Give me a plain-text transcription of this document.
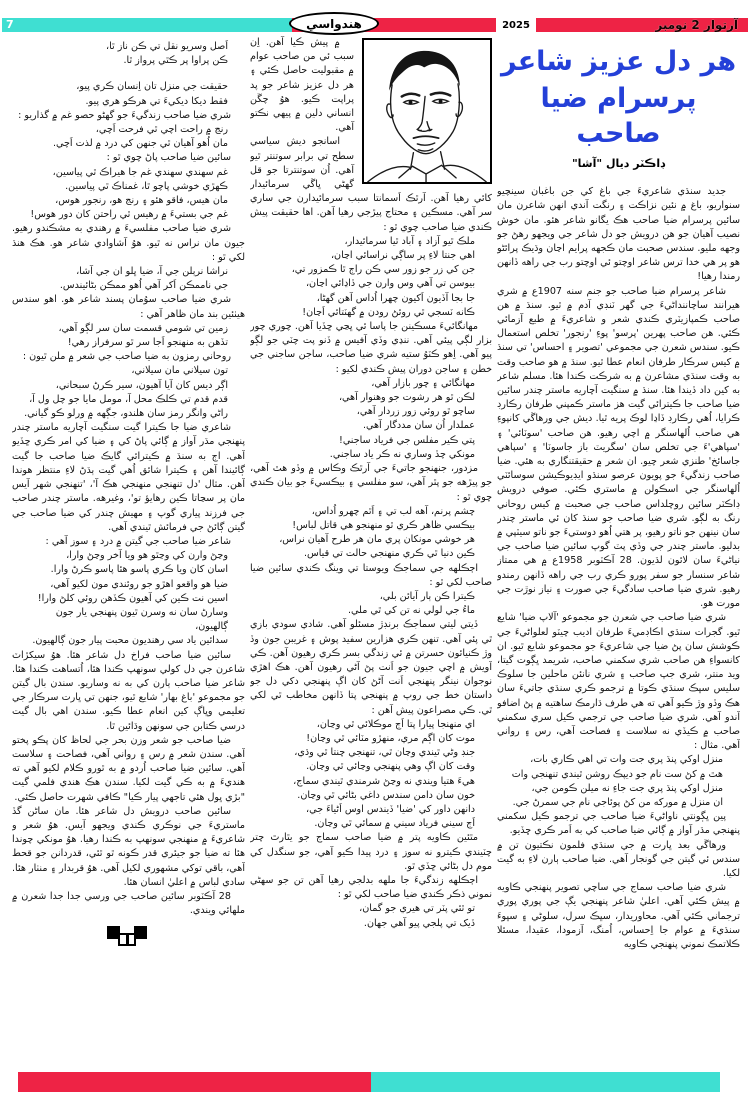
7	هندواسي	2025	آرتوار 2 نومبر
هر دل عزيز شاعر
پرسرام ضيا صاحب
ڊاڪٽر ديال "آشا"
جديد سنڌي شاعريءَ جي باغ کي جن باغبان سينچيو سنواريو، باغ ۾ نئين نزاڪت ۽ رنگت آندي انهن شاعرن مان سائين پرسرام ضيا صاحب هڪ يگانو شاعر هئو. مان خوش نصيب آهيان جو هن درويش جو دل شاعر جي ويجهو رهڻ جو وجهه مليو. سندس صحبت مان ڪجهه پرايم اڃان وڌيڪ پرائڻو هو پر هي خدا ترس شاعر اوچتو ئي اوچتو رب جي راهه ڏانهن رمندا رهيا!
شاعر پرسرام ضيا صاحب جو جنم سنه 1907ع ۾ شري هيرانند ساچاننداڻيءَ جي گهر ٽنڊي آدم ۾ ٿيو. سنڌ ۾ هن صاحب ڪمپازيٽري ڪندي شعر و شاعريءَ ۾ طبع آزمائي ڪئي. هن صاحب پهرين 'پرسو' پوءِ 'رنجور' تخلص استعمال ڪيو. سندس شعرن جي مجموعي 'تصوير ۽ احساس' تي سنڌ ۾ کيس سرڪار طرفان انعام عطا ٿيو. سنڌ ۾ هو صاحب وقت به وقت سنڌي مشاعرن ۾ به شرڪت ڪندا هئا. مسلم شاعر به کين داد ڏيندا هئا. سنڌ ۾ سنگيت آچاريه ماستر چندر سائين ضيا صاحب جا ڪيترائي گيت هز ماستر ڪمپني طرفان رڪارڊ ڪرايا، اُهي رڪارڊ ڏاڍا لوڪ پريه ٿيا. ديش جي ورهاڱي کانپوءِ هي صاحب اُلهاسنگر ۾ اچي رهيو. هن صاحب 'سوٽائي' ۽ 'سپاهي'ءَ جي تخلص سان 'سگريٽ باز جاسوٽا' ۽ 'سپاهي جاسائخ' طنزي شعر چيو. ان شعر ۾ حقيقتنگاري به هئي. ضيا صاحب زندگيءَ جو پويون عرصو سنڌو ايڊيوڪيشن سوسائٽي اُلهاسنگر جي اسڪولن ۾ ماستري ڪئي. صوفي درويش ڊاڪٽر سائين روچلداس صاحب جي صحبت ۾ کيس روحاني رنگ به لڳو. شري ضيا صاحب جو سنڌ کان ئي ماستر چندر سان نينهن جو ناتو رهيو، پر هتي اُهو دوستيءَ جو ناتو سيٽپي ۾ بدليو. ماستر چندر جي وڏي پٽ گوپ سائين ضيا صاحب جي نياڻيءَ سان لائون لڌيون. 28 آڪٽوبر 1958ع ۾ هي ممتاز شاعر سنسار جو سفر پورو ڪري رب جي راهه ڏانهن رمندو رهيو. شري ضيا صاحب سادگيءَ جي صورت ۽ نياز نوڙت جي مورت هو.
شري ضيا صاحب جي شعرن جو مجموعو 'آلاپ ضيا' شايع ٿيو. گجرات سنڌي اڪاڊميءَ طرفان اديب چيٽو لعلواڻيءَ جي ڪوشش سان پڻ ضيا جي شاعريءَ جو مجموعو شايع ٿيو. ان کانسواءِ هن صاحب شري سکمني صاحب، شريمد ڀڳوت گيتا، ويد منتر، شري جپ صاحب ۽ شري نانئن ماحلين جا سلوڪ سليس سڀڪ سنڌي ڪوتا ۾ ترجمو ڪري سنڌي جاتيءَ سان هڪ وڏو وڙ ڪيو آهي ته هي طرف ڌارمڪ ساهتيه ۾ پڻ اضافو آندو آهي. شري ضيا صاحب جي ترجمي ڪيل سري سکمني صاحب ۾ ڪيڏي نه سلاست ۽ فصاحت آهي، رس ۽ رواني آهي. مثال :
منزل اوکي پنڌ پري جت وات تي اهي ڪاري بات،
هٿ ۾ کڻ ست نام جو ديپڪ روشن ٿيندي تنهنجي وات
منزل اوکي پنڌ پري جت جاءِ نه ميلن ڪومن جي،
ان منزل ۾ مورکه من کڻ پوئاجي نام جي سمرڻ جي.
پين ڀڳونتي ناواڻيءَ ضيا صاحب جي ترجمو ڪيل سکمني پنهنجي مڌر آواز ۾ ڳائي ضيا صاحب کي به اَمر ڪري ڇڏيو.
ورهاڱي بعد ڀارت ۾ جي سنڌي فلمون نڪتيون تن ۾ سندس ئي گيتن جي گونجار آهي. ضيا صاحب ٻارن لاءِ به گيت لکيا.
شري ضيا صاحب سماج جي ساچي تصوير پنهنجي ڪاويه ۾ پيش ڪئي آهي. اعليٰ شاعر پنهنجي يڳ جي پوري پوري ترجماني ڪئي آهي. محاوريدار، سڀڪ سرل، سلوڻي ۽ سڀوءَ سنڌيءَ ۾ عوام جا اِحساس، اُمنگ، آزمودا، عقيدا، مسئلا ڪلاتمڪ نموني پنهنجي ڪاويه
۾ پيش ڪيا آهن. اِن سبب ئي من صاحب عوام ۾ مقبوليت حاصل ڪئي ۽ هر دل عزيز شاعر جو پد پراپت ڪيو. هوُ چڱن انساني دلين ۾ پيهي نڪتو آهي.
اسانجو ديش سياسي سطح تي برابر سوتنتر ٿيو آهي. اُن سوتنترتا جو قل گهڻي ڀاڱي سرمائيدار کائي رهيا آهن. آرٿڪ اَسمانتا سبب سرمائيدارن جي ساري سر آهي. مسڪين ۽ محتاج پيڙجي رهيا آهن. اها حقيقت پيش ڪندي ضيا صاحب چوي ٿو :
ملڪ ٿيو آزاد ۽ آباد ٿيا سرمائيدار،
اهي جنتا لاءِ پر ساڳي نراسائي اڃان،
جن کي زر جو زور سي ڪن راڄ ٿا ڪمزور تي،
بيوسن تي آهي وس وارن جي ڏاڍائي اڃان،
جا بجا آڏيون اَکيون چهرا اُداس آهن گهڻا،
ڪانه ٽسجي ٿي روئڻ رودن ۾ گهٽتائي اَڃان!
مهانگائيءَ مسڪينن جا پاسا ئي ڀڃي ڇڏيا آهن. چوري چور بزار لڳي پيئي آهي. ننڍي وڏي آفيس ۾ ڏنو پت چٽي جو لڳو پيو آهي. اِهو ڪٽوُ ستيه شري ضيا صاحب، ساجن ساجني جي خطن ۽ ساجن دوران پيش ڪندي لکيو :
مهانگائي ۽ چور بازار آهي،
لڪن ٿو هر رشوت جو وهنوار آهي،
ساچو ٿو روئي زور زردار آهي،
عملدار اُن سان مددگار آهي.
پتي ڪير مفلس جي فرياد ساجني!
مونکي چڏ وساري نه ڪر ياد ساجني.
مزدور، جنهنجو جاتيءَ جي آرٿڪ وڪاس ۾ وڏو هٿ آهي، جو پيڙهه جو پٿر آهي، سو مفلسي ۽ بيڪسيءَ جو بيان ڪندي چوي ٿو :
چشم پرنم، آهه لب تي ۽ اَٿم چهرو اُداس،
بيڪسي ظاهر ڪري ٿو منهنجو هي قاتل لباس!
هر خوشي مونکان پري مان هر طرح آهيان نراس،
ڪين دنيا ٿي ڪري منهنجي حالت تي قياس.
اڄڪلهه جي سماجڪ ويوستا تي وينگ ڪندي سائين ضيا صاحب لکي ٿو :
ڪيترا ڪن ٻار آيائن بلي،
ماءُ جي لولي نه تن کي ٿي ملي.
ڏيتي ليتي سماجڪ برنڊڙ مسئلو آهي. شادي سودي بازي ٿي پئي آهي. تنهن ڪري هزارين سفيد پوش ۽ غريبن جون وڏ وڙ ڪنيائون حسرتن ۾ ئي زندگي بسر ڪري رهيون آهن. ڪي آويش ۾ اچي جيون جو اَنت پڻ آڻي رهيون آهن. هڪ اهڙي نوجوان نينگر پنهنجي اَنت آڻڻ کان اڳ پنهنجي دکي دل جو داستان خط جي روپ ۾ پنهنجي پتا ڏانهن مخاطب ٿي لکي ٿي. ڪي مصراعون پيش آهن :
اي منهنجا پيارا پتا اَڄ موڪلائي ٿي وڃان،
موت کان اڳم مري، منهڙو مٽائي ٿي وڃان!
جنڊ وڻي ٿيندي وڃان ٿي، تنهنجي چنتا ٿي وڌي،
وقت کان اڳ وهي پنهنجي وڃائي ٿي وڃان.
هيءَ هتيا ويندي نه وڃڻ شرمندي ٿيندي سماج،
خون سان دامن سندس داغي بڻائي ٿي وڃان.
دانهن داور کي 'ضيا' ڏيندس اوس اَڻياءَ جي،
اَڄ سيني فرياد سيني ۾ سمائي ٿي وڃان.
مٿئين ڪاويه پتر ۾ ضيا صاحب سماج جو يٿارٿ چتر چٽيندي ڪيترو نه سوز ۽ درد پيدا ڪيو آهي، جو سنگدل کي موم دل بڻائي ڇڏي ٿو.
اڄڪلهه زندگيءَ جا ملهه بدلجي رهيا آهن تن جو سهڻي نموني ذڪر ڪندي ضيا صاحب لکي ٿو :
تو ٿئي پٽر تي هيري جو گمان،
ڏيک تي پلجي پيو آهي جهان.
اَصل وسريو نقل تي ڪن ناز ٿا،
ڪن پراوا پر ڪٿي پرواز ٿا.
حقيقت جي منزل تان اِنسان ڪري پيو،
فقط ديکا ديکيءَ تي هرڪو هري پيو.
شري ضيا صاحب زندگيءَ جو گهڻو حصو غم ۾ گذاريو :
رنج ۾ راحت اچي ٿي فرحت اَچي،
مان اُهو آهيان ٿي جنهن کي درد ۾ لذت اَچي.
سائين ضيا صاحب پاڻ چوي ٿو :
غم سهندي سهندي غم جا هيراڪ ٿي پياسين،
ڪهڙي خوشي پاچو ٿا، غمناڪ ٿي پياسين.
مان هيس، فاقو هئو ۽ رنج هو، رنجور هوس،
غم جي بستيءَ ۾ رهيس ٿي راحتن کان دور هوس!
شري ضيا صاحب مفلسيءَ ۾ رهندي به مشڪندو رهيو. جيون مان نراس نه ٿيو. هوُ آشاوادي شاعر هو. هڪ هنڌ لکي ٿو :
نراشا نرٻلن جي آ، ضيا ڀلو ان جي آشا،
جي ناممڪن اَکر آهي اُهو ممڪن بڻائيندس.
شري ضيا صاحب سوُمان پسند شاعر هو. اهو سندس هيٺئين بند مان ظاهر آهي :
زمين تي شومي قسمت سان سر لڳو آهي،
تڏهن به منهنجو اَجا سر ٿو سرفراز رهي!
روحاني رمزون به ضيا صاحب جي شعر ۾ ملن ٿيون :
تون سيلاني مان سيلاني،
اڳر ديس کان آيا آهيون، سير ڪرڻ سبحاني،
قدم قدم تي ڪلڪ محل آ، مومل مايا جو چل ول آ،
راڻي وانگر رمز سان هلندو، جڳهه ۾ ورلو ڪو گياني.
شاعري ضيا جا ڪيترا گيت سنگيت آچاريه ماستر چندر پنهنجي مڌر آواز ۾ ڳائي پاڻ کي ۽ ضيا کي امر ڪري ڇڏيو آهي. اڄ به سنڌ ۾ ڪيترائي گايڪ ضيا صاحب جا گيت ڳائيندا آهن ۽ ڪيترا شائق اُهي گيت ٻڌڻ لاءِ منتظر هوندا آهن. مثال 'دل تنهنجي منهنجي هڪ آ'، 'تنهنجي شهر آيس مان پر سڃاتا ڪين رهايؤ تو'، وغيرهه. ماستر چندر صاحب جي فرزند پياري گوپ ۽ مهيش چندر کي ضيا صاحب جي گيتن ڳائڻ جي فرمائش ٿيندي آهي.
شاعر ضيا صاحب جي گيتن ۾ درد ۽ سوز آهي :
وڃڻ وارن کي وڃٿو هو ويا آخر وڃڻ وارا،
اسان کان ويا ڪري پاسو هئا پاسو ڪرڻ وارا.
ضيا هو واقعو اهڙو جو روئندي مون لکيو آهي،
اسين نت ڪين کي آهيون ڪڏهن روئي کلڻ وارا!
وسارڻ سان نه وسرن ٿيون پنهنجي يار جون ڳالهيون،
سدائين ياد سي رهنديون محبت پيار جون ڳالهيون.
سائين ضيا صاحب فراخ دل شاعر هئا. هوُ سيکڙاٽ شاعرن جي دل کولي سونهپ ڪندا هئا، اُتساهت ڪندا هئا. شاعر ضيا صاحب ٻارن کي به نه وساريو. سندن بال گيتن جو مجموعو 'باغ بهار' شايع ٿيو، جنهن تي ڀارت سرڪار جي تعليمي وڀاڳ کين انعام عطا ڪيو. سندن اهي بال گيت درسي ڪتابن جي سونهن وڌائين ٿا.
ضيا صاحب جو شعر وزن بحر جي لحاظ کان پڪو پختو آهي. سندن شعر ۾ رس ۽ رواني آهي، فصاحت ۽ سلاست آهي. سائين ضيا صاحب اُردو ۾ به ٿورو ڪلام لکيو آهي ته هنديءَ ۾ به ڪي گيت لکيا. سندن هڪ هندي فلمي گيت "بڙي ڀول هئي تاجهي پيار ڪيا" ڪافي شهرت حاصل ڪئي.
سائين صاحب درويش دل شاعر هئا. مان ساڻن گڏ ماستريءَ جي نوڪري ڪندي ويجهو آيس. هوُ شعر و شاعريءَ ۾ منهنجي سونهپ به ڪندا رهيا. هوُ مونکي چوندا هئا ته ضيا جو جيئري قدر ڪونه ٿو ٿئي، قدردانن جو قحط آهي، باقي توکي مشهوري لکيل آهي. هوُ قربدار ۽ منٺار هئا. سادي لباس ۾ اعليٰ انسان هئا.
28 آڪٽوبر سائين صاحب جي ورسي جدا جدا شعرن ۾ ملهائي ويندي.
